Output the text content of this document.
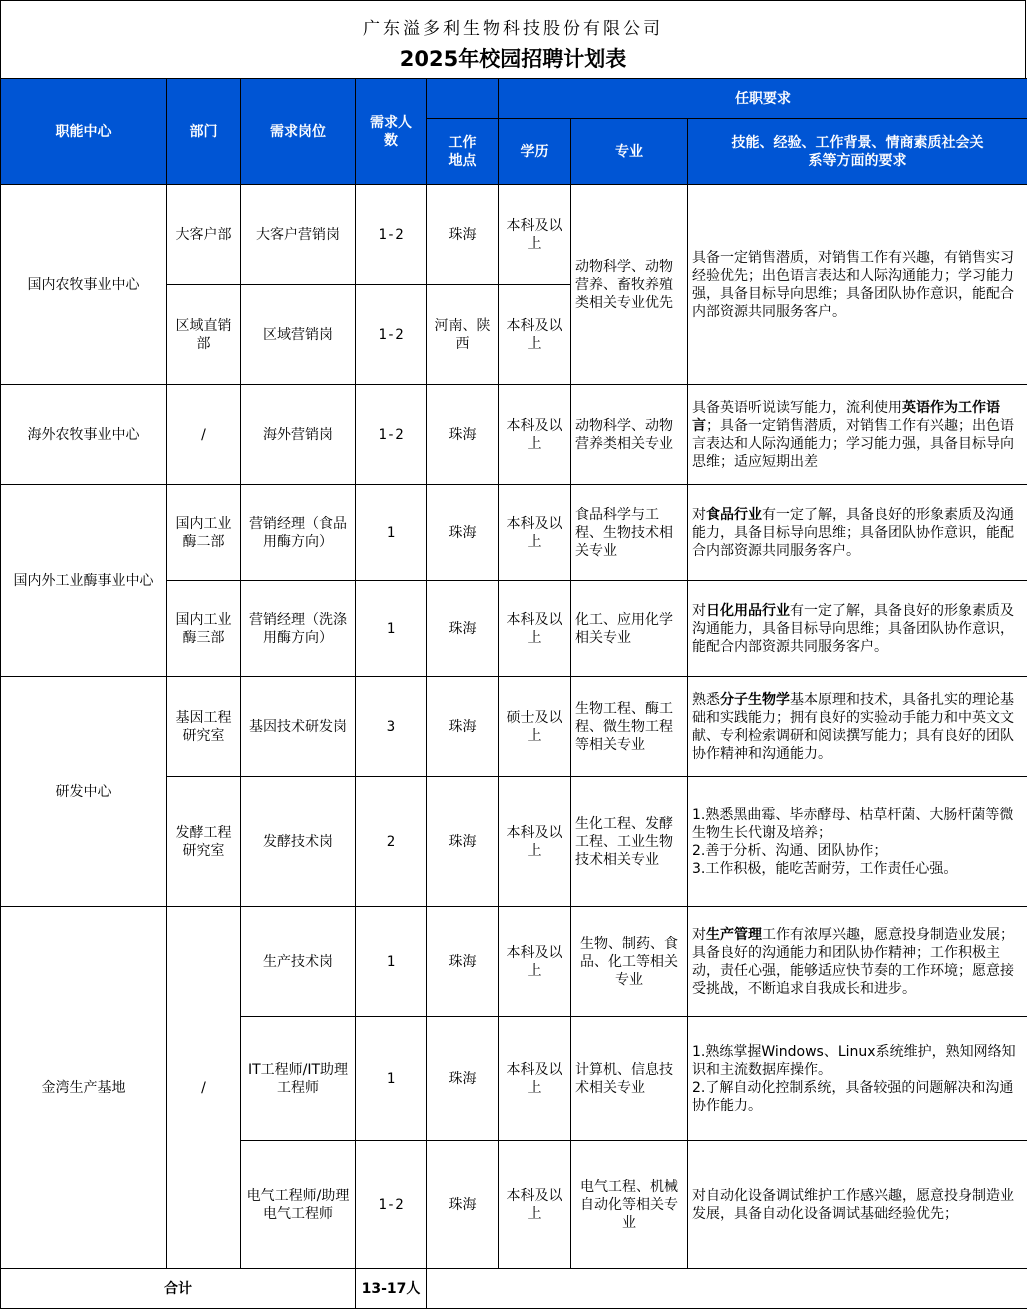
广东溢多利生物科技股份有限公司
2025年校园招聘计划表
职能中心	部门	需求岗位	需求人数		任职要求		
				工作地点	学历	专业	技能、经验、工作背景、情商素质社会关系等方面的要求
国内农牧事业中心	大客户部	大客户营销岗	1-2	珠海	本科及以上	动物科学、动物营养、畜牧养殖类相关专业优先	具备一定销售潜质，对销售工作有兴趣，有销售实习经验优先；出色语言表达和人际沟通能力；学习能力强，具备目标导向思维；具备团队协作意识，能配合内部资源共同服务客户。
	区域直销部	区域营销岗	1-2	河南、陕西	本科及以上		
海外农牧事业中心	/	海外营销岗	1-2	珠海	本科及以上	动物科学、动物营养类相关专业	具备英语听说读写能力，流利使用英语作为工作语言；具备一定销售潜质，对销售工作有兴趣；出色语言表达和人际沟通能力；学习能力强，具备目标导向思维；适应短期出差
国内外工业酶事业中心	国内工业酶二部	营销经理（食品用酶方向）	1	珠海	本科及以上	食品科学与工程、生物技术相关专业	对食品行业有一定了解，具备良好的形象素质及沟通能力，具备目标导向思维；具备团队协作意识，能配合内部资源共同服务客户。
	国内工业酶三部	营销经理（洗涤用酶方向）	1	珠海	本科及以上	化工、应用化学相关专业	对日化用品行业有一定了解，具备良好的形象素质及沟通能力，具备目标导向思维；具备团队协作意识，能配合内部资源共同服务客户。
研发中心	基因工程研究室	基因技术研发岗	3	珠海	硕士及以上	生物工程、酶工程、微生物工程等相关专业	熟悉分子生物学基本原理和技术，具备扎实的理论基础和实践能力；拥有良好的实验动手能力和中英文文献、专利检索调研和阅读撰写能力；具有良好的团队协作精神和沟通能力。
	发酵工程研究室	发酵技术岗	2	珠海	本科及以上	生化工程、发酵工程、工业生物技术相关专业	1.熟悉黑曲霉、毕赤酵母、枯草杆菌、大肠杆菌等微生物生长代谢及培养；
2.善于分析、沟通、团队协作；
3.工作积极，能吃苦耐劳，工作责任心强。

金湾生产基地	/	生产技术岗	1	珠海	本科及以上	生物、制药、食品、化工等相关专业	对生产管理工作有浓厚兴趣，愿意投身制造业发展；具备良好的沟通能力和团队协作精神；工作积极主动，责任心强，能够适应快节奏的工作环境；愿意接受挑战，不断追求自我成长和进步。
		IT工程师/IT助理工程师	1	珠海	本科及以上	计算机、信息技术相关专业	1.熟练掌握Windows、Linux系统维护，熟知网络知识和主流数据库操作。
2.了解自动化控制系统，具备较强的问题解决和沟通协作能力。

		电气工程师/助理电气工程师	1-2	珠海	本科及以上	电气工程、机械自动化等相关专业	对自动化设备调试维护工作感兴趣，愿意投身制造业发展，具备自动化设备调试基础经验优先；
合计			13-17人				
